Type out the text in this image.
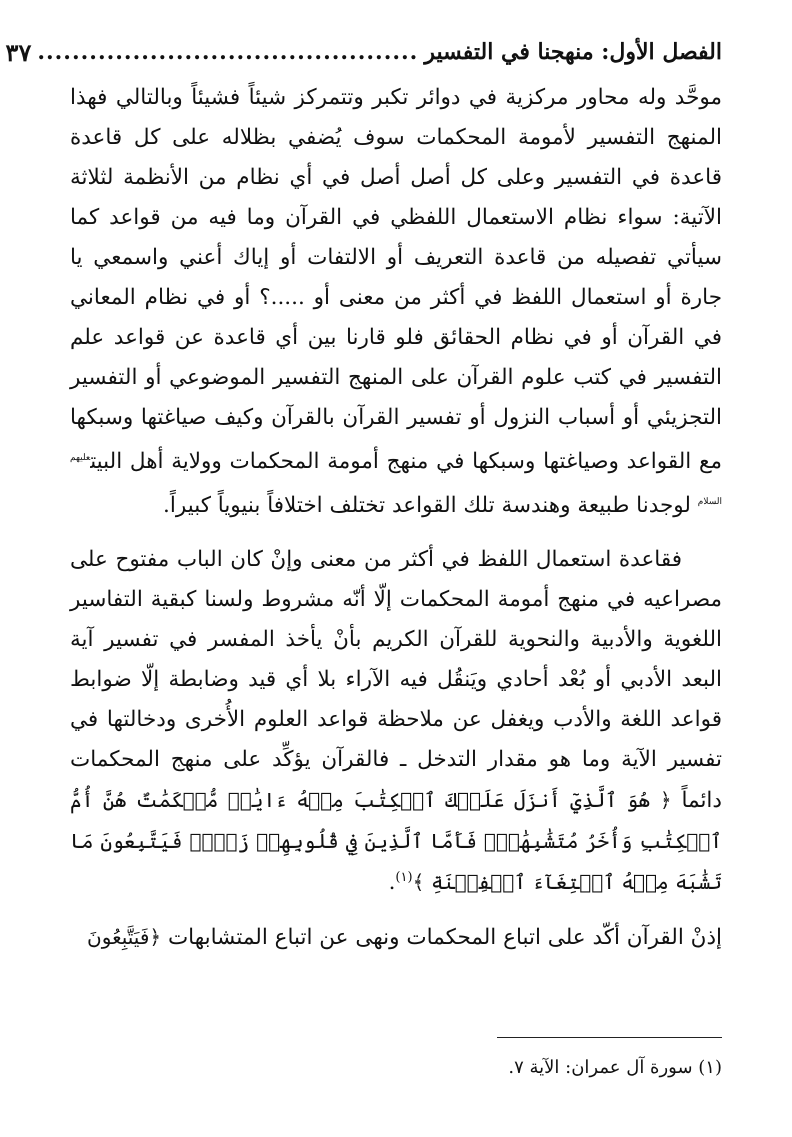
الفصل الأول: منهجنا في التفسير
............................................
٣٧

موحَّد وله محاور مركزية في دوائر تكبر وتتمركز شيئاً فشيئاً وبالتالي فهذا المنهج التفسير لأمومة المحكمات سوف يُضفي بظلاله على كل قاعدة قاعدة في التفسير وعلى كل أصل أصل في أي نظام من الأنظمة لثلاثة الآتية: سواء نظام الاستعمال اللفظي في القرآن وما فيه من قواعد كما سيأتي تفصيله من قاعدة التعريف أو الالتفات أو إياك أعني واسمعي يا جارة أو استعمال اللفظ في أكثر من معنى أو .....؟ أو في نظام المعاني في القرآن أو في نظام الحقائق فلو قارنا بين أي قاعدة عن قواعد علم التفسير في كتب علوم القرآن على المنهج التفسير الموضوعي أو التفسير التجزيئي أو أسباب النزول أو تفسير القرآن بالقرآن وكيف صياغتها وسبكها مع القواعد وصياغتها وسبكها في منهج أمومة المحكمات وولاية أهل البيت$^{عليهم السلام}$ لوجدنا طبيعة وهندسة تلك القواعد تختلف اختلافاً بنيوياً كبيراً.

فقاعدة استعمال اللفظ في أكثر من معنى وإنْ كان الباب مفتوح على مصراعيه في منهج أمومة المحكمات إلّا أنّه مشروط ولسنا كبقية التفاسير اللغوية والأدبية والنحوية للقرآن الكريم بأنْ يأخذ المفسر في تفسير آية البعد الأدبي أو بُعْد أحادي ويَنقُل فيه الآراء بلا أي قيد وضابطة إلّا ضوابط قواعد اللغة والأدب ويغفل عن ملاحظة قواعد العلوم الأُخرى ودخالتها في تفسير الآية وما هو مقدار التدخل ـ فالقرآن يؤكِّد على منهج المحكمات دائماً ﴿ هُوَ ٱلَّذِيٓ أَنزَلَ عَلَيۡكَ ٱلۡكِتَٰبَ مِنۡهُ ءَايَٰتٞ مُّحۡكَمَٰتٌ هُنَّ أُمُّ ٱلۡكِتَٰبِ وَأُخَرُ مُتَشَٰبِهَٰتٞۖ فَأَمَّا ٱلَّذِينَ فِي قُلُوبِهِمۡ زَيۡغٞ فَيَتَّبِعُونَ مَا تَشَٰبَهَ مِنۡهُ ٱبۡتِغَآءَ ٱلۡفِتۡنَةِ ﴾$^{(١)}$.

إذنْ القرآن أكّد على اتباع المحكمات ونهى عن اتباع المتشابهات ﴿فَيَتَّبِعُونَ

(١) سورة آل عمران: الآية ٧.
